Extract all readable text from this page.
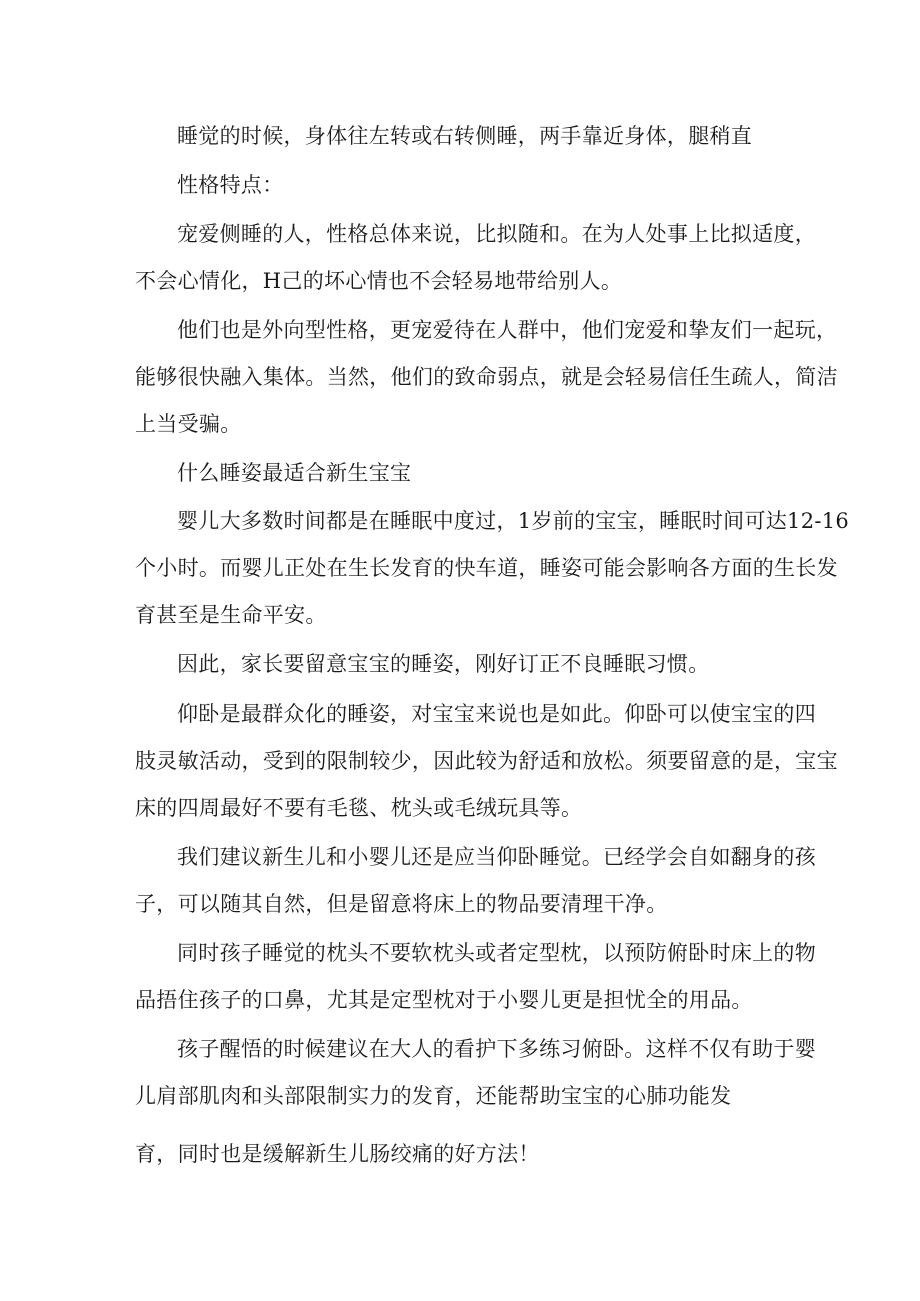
睡觉的时候，身体往左转或右转侧睡，两手靠近身体，腿稍直

性格特点：

宠爱侧睡的人，性格总体来说，比拟随和。在为人处事上比拟适度，

不会心情化，H己的坏心情也不会轻易地带给别人。

他们也是外向型性格，更宠爱待在人群中，他们宠爱和挚友们一起玩，

能够很快融入集体。当然，他们的致命弱点，就是会轻易信任生疏人，简洁

上当受骗。

什么睡姿最适合新生宝宝

婴儿大多数时间都是在睡眠中度过，1岁前的宝宝，睡眠时间可达12-16

个小时。而婴儿正处在生长发育的快车道，睡姿可能会影响各方面的生长发

育甚至是生命平安。

因此，家长要留意宝宝的睡姿，刚好订正不良睡眠习惯。

仰卧是最群众化的睡姿，对宝宝来说也是如此。仰卧可以使宝宝的四

肢灵敏活动，受到的限制较少，因此较为舒适和放松。须要留意的是，宝宝

床的四周最好不要有毛毯、枕头或毛绒玩具等。

我们建议新生儿和小婴儿还是应当仰卧睡觉。已经学会自如翻身的孩

子，可以随其自然，但是留意将床上的物品要清理干净。

同时孩子睡觉的枕头不要软枕头或者定型枕，以预防俯卧时床上的物

品捂住孩子的口鼻，尤其是定型枕对于小婴儿更是担忧全的用品。

孩子醒悟的时候建议在大人的看护下多练习俯卧。这样不仅有助于婴

儿肩部肌肉和头部限制实力的发育，还能帮助宝宝的心肺功能发

育，同时也是缓解新生儿肠绞痛的好方法！
